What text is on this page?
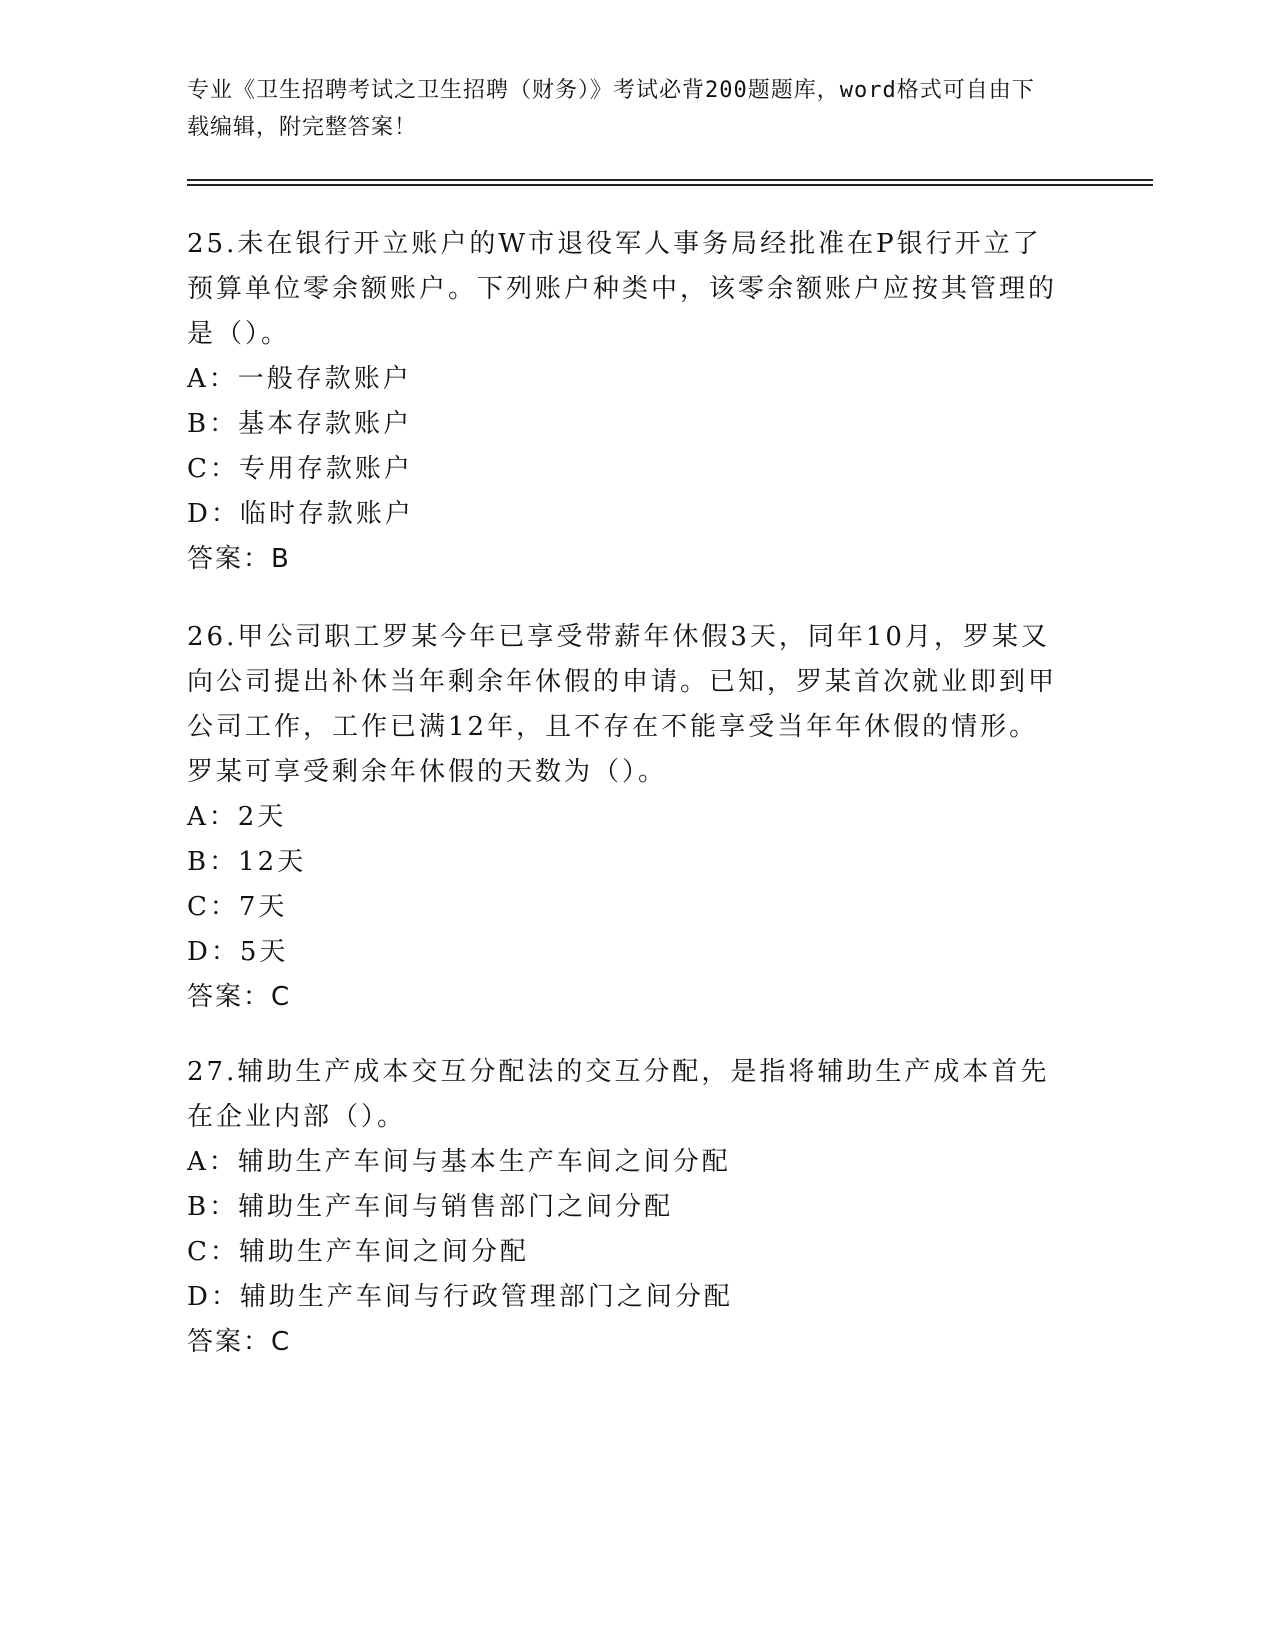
专业《卫生招聘考试之卫生招聘（财务）》考试必背200题题库，word格式可自由下载编辑，附完整答案！
25.未在银行开立账户的W市退役军人事务局经批准在P银行开立了预算单位零余额账户。下列账户种类中，该零余额账户应按其管理的是（）。
A：一般存款账户
B：基本存款账户
C：专用存款账户
D：临时存款账户
答案：B
26.甲公司职工罗某今年已享受带薪年休假3天，同年10月，罗某又向公司提出补休当年剩余年休假的申请。已知，罗某首次就业即到甲公司工作，工作已满12年，且不存在不能享受当年年休假的情形。罗某可享受剩余年休假的天数为（）。
A：2天
B：12天
C：7天
D：5天
答案：C
27.辅助生产成本交互分配法的交互分配，是指将辅助生产成本首先在企业内部（）。
A：辅助生产车间与基本生产车间之间分配
B：辅助生产车间与销售部门之间分配
C：辅助生产车间之间分配
D：辅助生产车间与行政管理部门之间分配
答案：C
